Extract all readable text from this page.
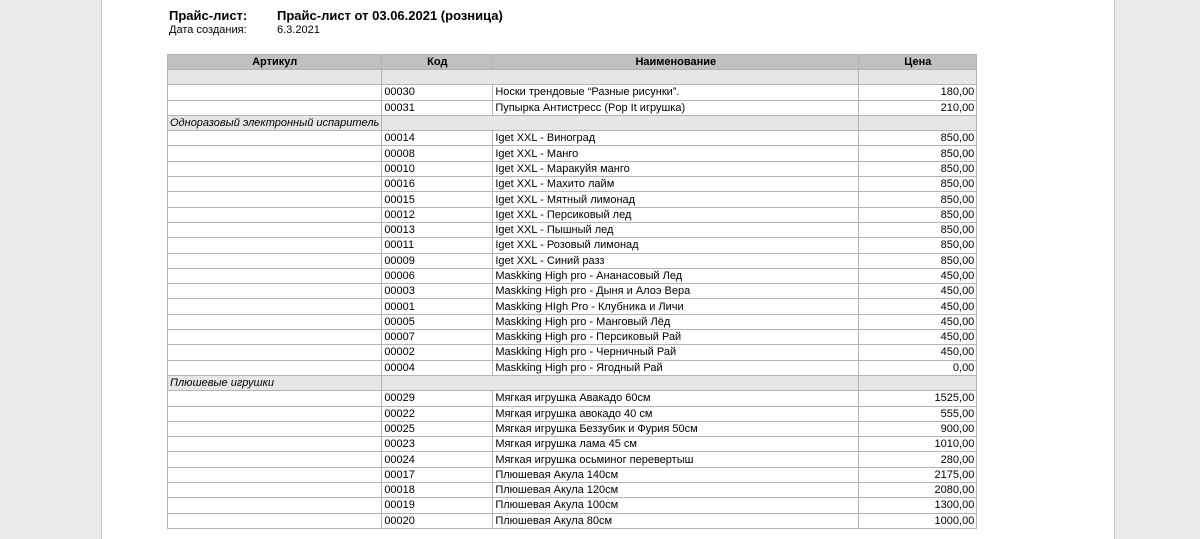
Прайс-лист: Прайс-лист от 03.06.2021 (розница)
Дата создания:	6.3.2021
Артикул	Код	Наименование	Цена

	00030	Носки трендовые “Разные рисунки”.	180,00
	00031	Пупырка Антистресс (Pop It игрушка)	210,00
Одноразовый электронный испаритель			
	00014	Iget XXL - Виноград	850,00
	00008	Iget XXL - Манго	850,00
	00010	Iget XXL - Маракуйя манго	850,00
	00016	Iget XXL - Махито лайм	850,00
	00015	Iget XXL - Мятный лимонад	850,00
	00012	Iget XXL - Персиковый лед	850,00
	00013	Iget XXL - Пышный лед	850,00
	00011	Iget XXL - Розовый лимонад	850,00
	00009	Iget XXL - Синий разз	850,00
	00006	Maskking High pro - Ананасовый Лед	450,00
	00003	Maskking High pro - Дыня и Алоэ Вера	450,00
	00001	Maskking HIgh Pro - Клубника и Личи	450,00
	00005	Maskking High pro - Манговый Лёд	450,00
	00007	Maskking High pro - Персиковый Рай	450,00
	00002	Maskking High pro - Черничный Рай	450,00
	00004	Maskking High pro - Ягодный Рай	0,00
Плюшевые игрушки			
	00029	Мягкая игрушка Авакадо 60см	1525,00
	00022	Мягкая игрушка авокадо 40 см	555,00
	00025	Мягкая игрушка Беззубик и Фурия 50см	900,00
	00023	Мягкая игрушка лама 45 см	1010,00
	00024	Мягкая игрушка осьминог перевертыш	280,00
	00017	Плюшевая Акула 140см	2175,00
	00018	Плюшевая Акула 120см	2080,00
	00019	Плюшевая Акула 100см	1300,00
	00020	Плюшевая Акула 80см	1000,00
